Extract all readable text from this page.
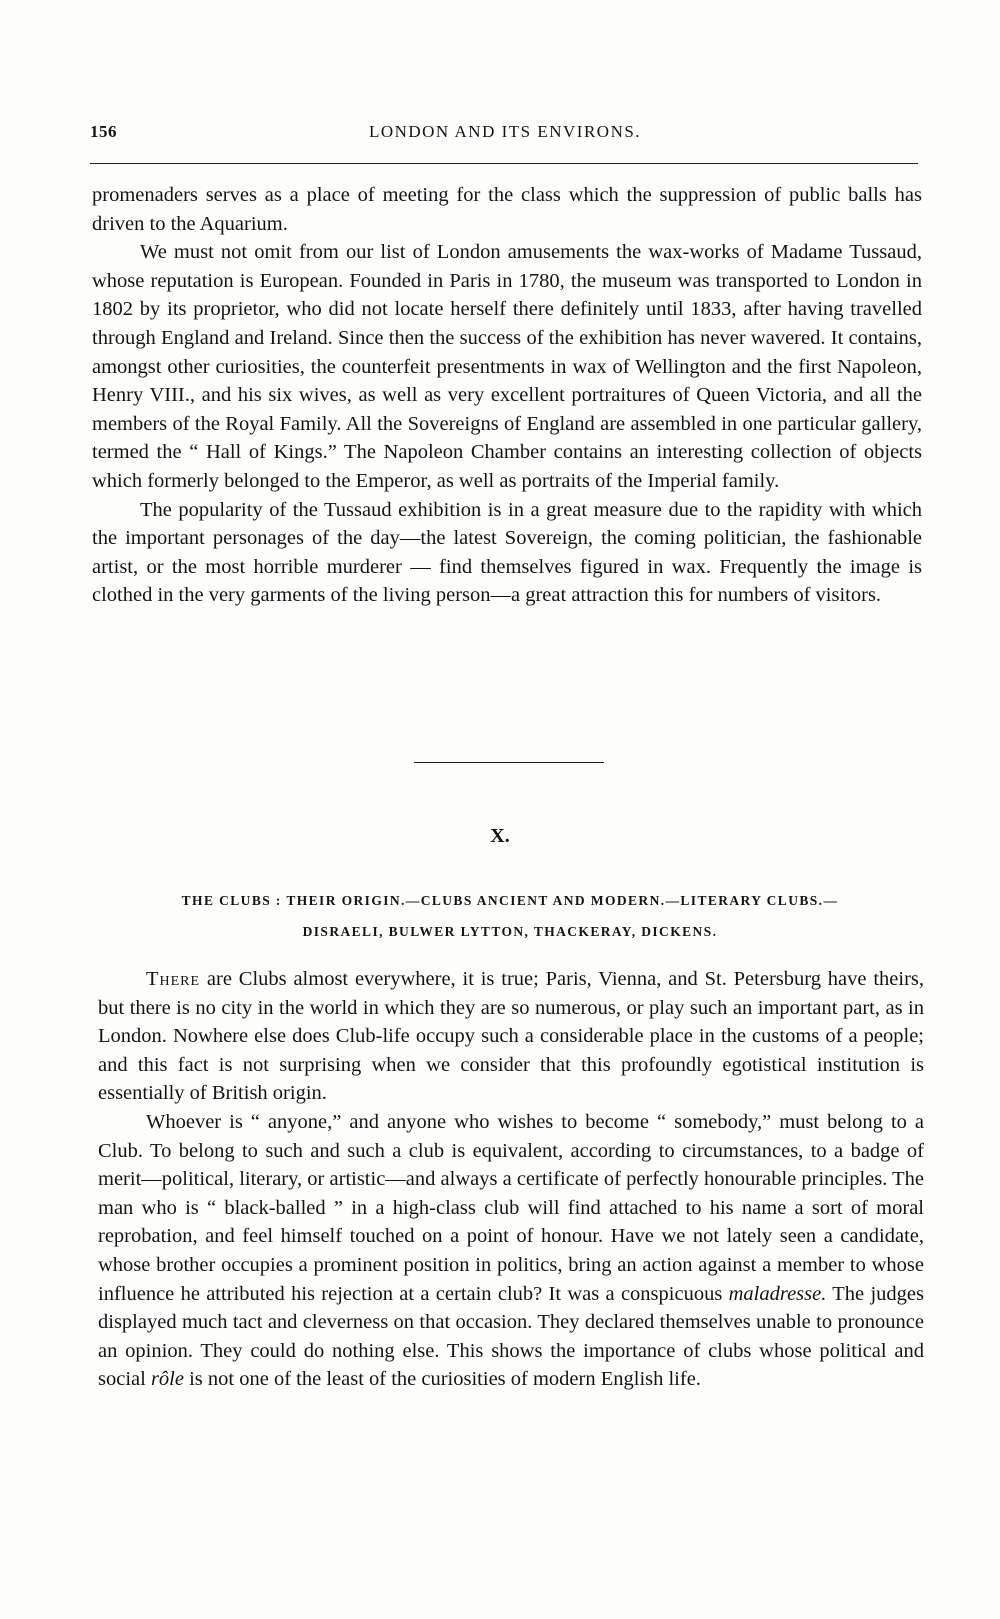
156	LONDON AND ITS ENVIRONS.

promenaders serves as a place of meeting for the class which the suppression of public balls has driven to the Aquarium.

We must not omit from our list of London amusements the wax-works of Madame Tussaud, whose reputation is European. Founded in Paris in 1780, the museum was transported to London in 1802 by its proprietor, who did not locate herself there definitely until 1833, after having travelled through England and Ireland. Since then the success of the exhibition has never wavered. It contains, amongst other curiosities, the counterfeit presentments in wax of Wellington and the first Napoleon, Henry VIII., and his six wives, as well as very excellent portraitures of Queen Victoria, and all the members of the Royal Family. All the Sovereigns of England are assembled in one particular gallery, termed the “ Hall of Kings.” The Napoleon Chamber contains an interesting collection of objects which formerly belonged to the Emperor, as well as portraits of the Imperial family.

The popularity of the Tussaud exhibition is in a great measure due to the rapidity with which the important personages of the day—the latest Sovereign, the coming politician, the fashionable artist, or the most horrible murderer — find themselves figured in wax. Frequently the image is clothed in the very garments of the living person—a great attraction this for numbers of visitors.

X.
THE CLUBS : THEIR ORIGIN.—CLUBS ANCIENT AND MODERN.—LITERARY CLUBS.—
DISRAELI, BULWER LYTTON, THACKERAY, DICKENS.

There are Clubs almost everywhere, it is true; Paris, Vienna, and St. Petersburg have theirs, but there is no city in the world in which they are so numerous, or play such an important part, as in London. Nowhere else does Club-life occupy such a considerable place in the customs of a people; and this fact is not surprising when we consider that this profoundly egotistical institution is essentially of British origin.

Whoever is “ anyone,” and anyone who wishes to become “ somebody,” must belong to a Club. To belong to such and such a club is equivalent, according to circumstances, to a badge of merit—political, literary, or artistic—and always a certificate of perfectly honourable principles. The man who is “ black-balled ” in a high-class club will find attached to his name a sort of moral reprobation, and feel himself touched on a point of honour. Have we not lately seen a candidate, whose brother occupies a prominent position in politics, bring an action against a member to whose influence he attributed his rejection at a certain club? It was a conspicuous maladresse. The judges displayed much tact and cleverness on that occasion. They declared themselves unable to pronounce an opinion. They could do nothing else. This shows the importance of clubs whose political and social rôle is not one of the least of the curiosities of modern English life.
